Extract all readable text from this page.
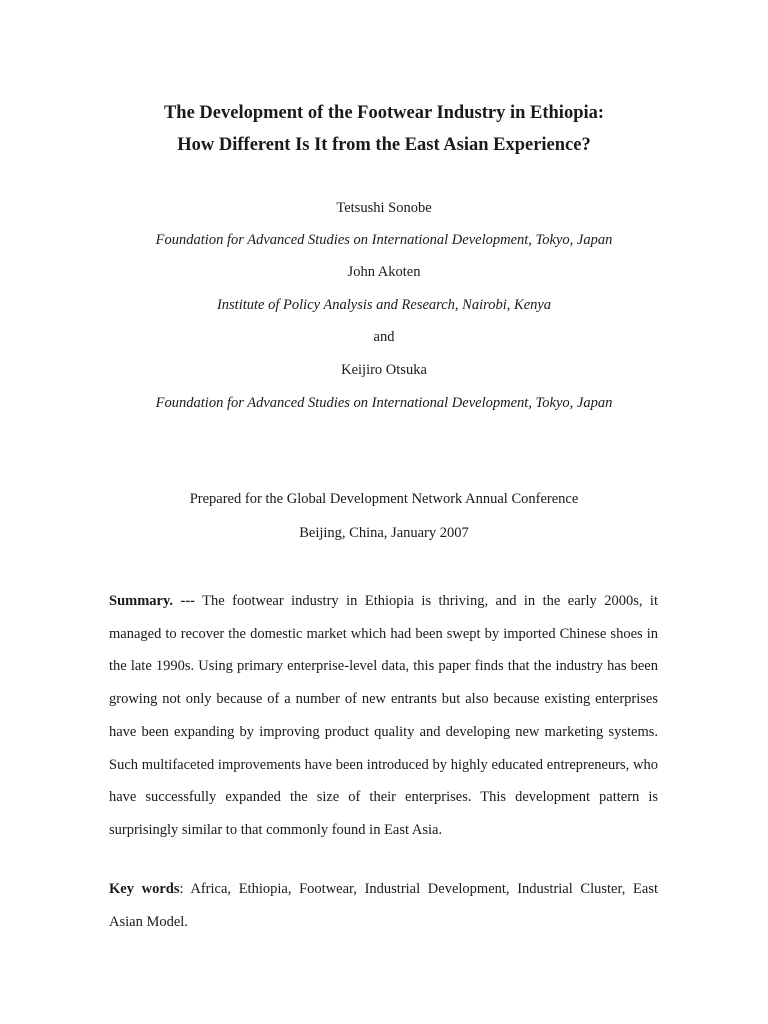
The Development of the Footwear Industry in Ethiopia:
How Different Is It from the East Asian Experience?

Tetsushi Sonobe

Foundation for Advanced Studies on International Development, Tokyo, Japan

John Akoten

Institute of Policy Analysis and Research, Nairobi, Kenya

and

Keijiro Otsuka

Foundation for Advanced Studies on International Development, Tokyo, Japan

Prepared for the Global Development Network Annual Conference

Beijing, China, January 2007

Summary. --- The footwear industry in Ethiopia is thriving, and in the early 2000s, it managed to recover the domestic market which had been swept by imported Chinese shoes in the late 1990s. Using primary enterprise-level data, this paper finds that the industry has been growing not only because of a number of new entrants but also because existing enterprises have been expanding by improving product quality and developing new marketing systems. Such multifaceted improvements have been introduced by highly educated entrepreneurs, who have successfully expanded the size of their enterprises. This development pattern is surprisingly similar to that commonly found in East Asia.

Key words: Africa, Ethiopia, Footwear, Industrial Development, Industrial Cluster, East Asian Model.
